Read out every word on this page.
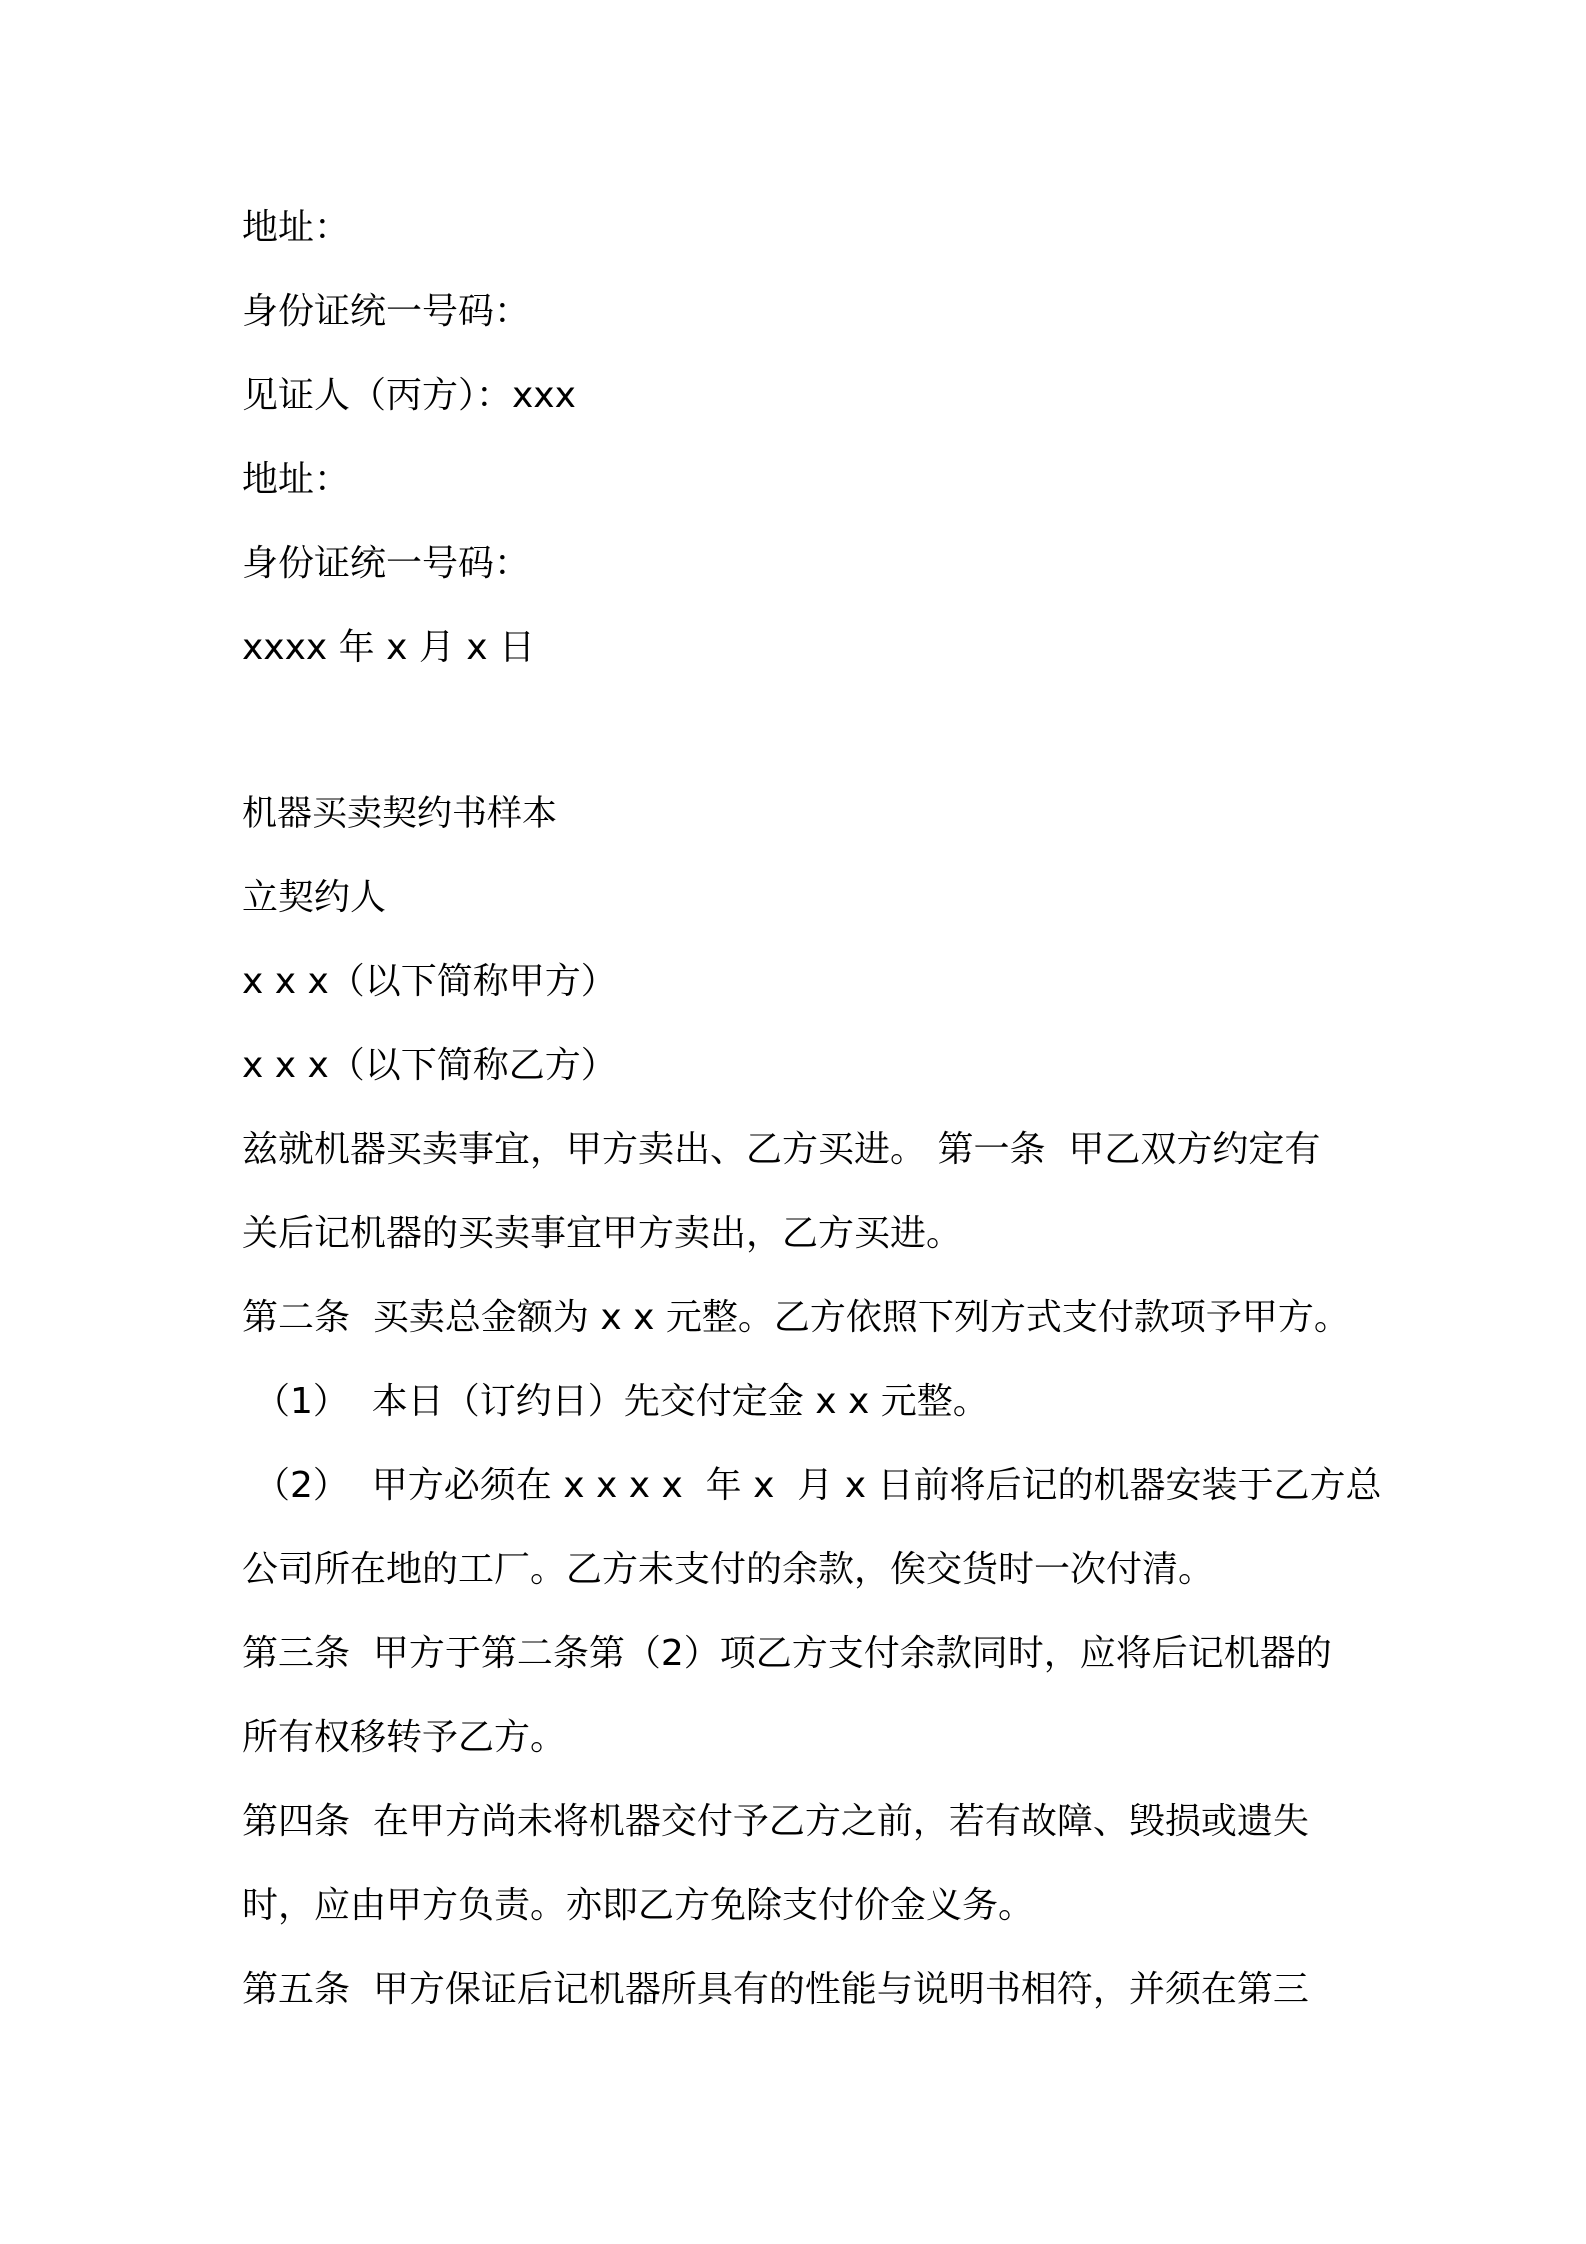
地址：
身份证统一号码：
见证人（丙方）：xxx
地址：
身份证统一号码：
xxxx 年 x 月 x 日
机器买卖契约书样本
立契约人
x x x（以下简称甲方）
x x x（以下简称乙方）
兹就机器买卖事宜，甲方卖出、乙方买进。 第一条  甲乙双方约定有
关后记机器的买卖事宜甲方卖出，乙方买进。
第二条  买卖总金额为 x x 元整。乙方依照下列方式支付款项予甲方。
（1）  本日（订约日）先交付定金 x x 元整。
（2）  甲方必须在 x x x x  年 x  月 x 日前将后记的机器安装于乙方总
公司所在地的工厂。乙方未支付的余款，俟交货时一次付清。
第三条  甲方于第二条第（2）项乙方支付余款同时，应将后记机器的
所有权移转予乙方。
第四条  在甲方尚未将机器交付予乙方之前，若有故障、毁损或遗失
时，应由甲方负责。亦即乙方免除支付价金义务。
第五条  甲方保证后记机器所具有的性能与说明书相符，并须在第三
